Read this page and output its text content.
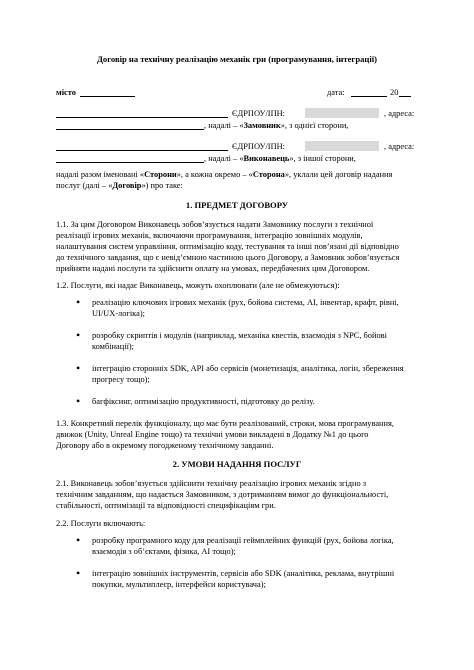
Договір на технічну реалізацію механік гри (програмування, інтеграції)
місто	дата:	20
ЄДРПОУ/ІПН:	, адреса:
, надалі – «Замовник», з однієї сторони,
ЄДРПОУ/ІПН:	, адреса:
, надалі – «Виконавець», з іншої сторони,
надалі разом іменовані «Сторони», а кожна окремо – «Сторона», уклали цей договір надання
послуг (далі – «Договір») про таке:
1. ПРЕДМЕТ ДОГОВОРУ
1.1. За цим Договором Виконавець зобов’язується надати Замовнику послуги з технічної
реалізації ігрових механік, включаючи програмування, інтеграцію зовнішніх модулів,
налаштування систем управління, оптимізацію коду, тестування та інші пов’язані дії відповідно
до технічного завдання, що є невід’ємною частиною цього Договору, а Замовник зобов’язується
прийняти надані послуги та здійснити оплату на умовах, передбачених цим Договором.
1.2. Послуги, які надає Виконавець, можуть охоплювати (але не обмежуються):
• реалізацію ключових ігрових механік (рух, бойова система, АІ, інвентар, крафт, рівні,
UI/UX-логіка);
• розробку скриптів і модулів (наприклад, механіка квестів, взаємодія з NPC, бойові
комбінації);
• інтеграцію сторонніх SDK, API або сервісів (монетизація, аналітика, логін, збереження
прогресу тощо);
• багфіксинг, оптимізацію продуктивності, підготовку до релізу.
1.3. Конкретний перелік функціоналу, що має бути реалізований, строки, мова програмування,
движок (Unity, Unreal Engine тощо) та технічні умови викладені в Додатку №1 до цього
Договору або в окремому погодженому технічному завданні.
2. УМОВИ НАДАННЯ ПОСЛУГ
2.1. Виконавець зобов’язується здійснити технічну реалізацію ігрових механік згідно з
технічним завданням, що надається Замовником, з дотриманням вимог до функціональності,
стабільності, оптимізації та відповідності специфікаціям гри.
2.2. Послуги включають:
• розробку програмного коду для реалізації геймплейних функцій (рух, бойова логіка,
взаємодія з об’єктами, фізика, АІ тощо);
• інтеграцію зовнішніх інструментів, сервісів або SDK (аналітика, реклама, внутрішні
покупки, мультиплеєр, інтерфейси користувача);
